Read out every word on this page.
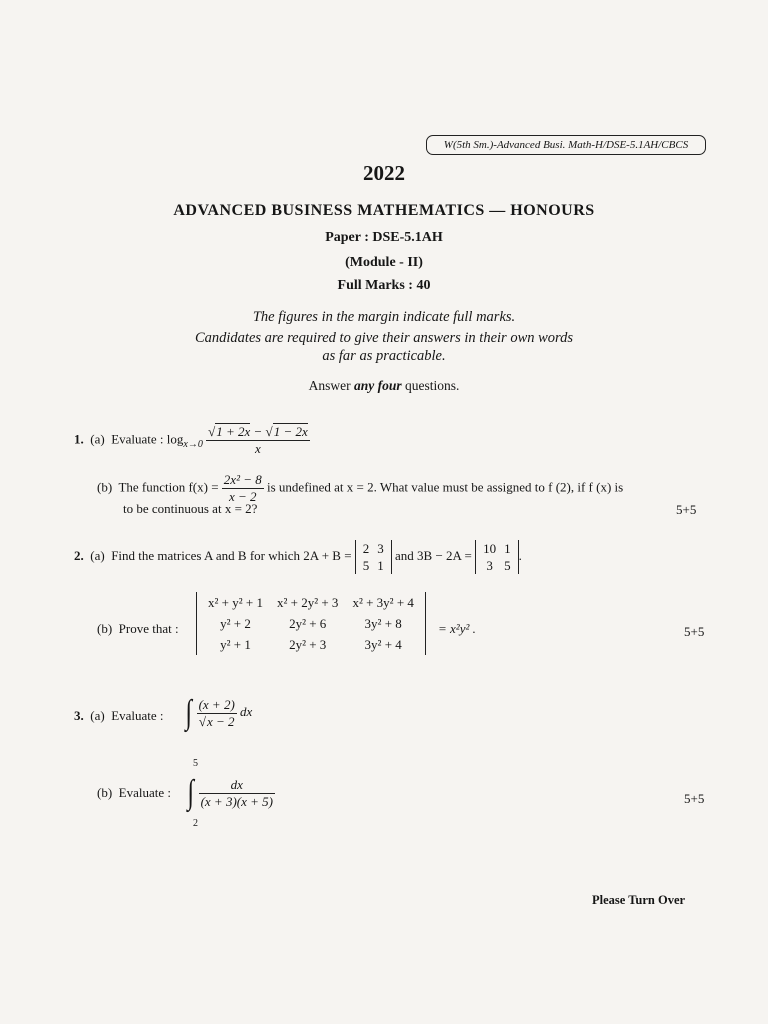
W(5th Sm.)-Advanced Busi. Math-H/DSE-5.1AH/CBCS
2022
ADVANCED BUSINESS MATHEMATICS — HONOURS
Paper : DSE-5.1AH
(Module - II)
Full Marks : 40
The figures in the margin indicate full marks.
Candidates are required to give their answers in their own words
as far as practicable.
Answer any four questions.
1. (a) Evaluate : $\log_{x\to 0} \frac{√1 + 2x - √1 - 2x}{x}$
(b) The function $f(x) = \frac{\text{2x² − 8}}{x - 2}$ is undefined at x = 2. What value must be assigned to f (2), if f (x) is
to be continuous at x = 2?	5+5
2. (a) Find the matrices A and B for which 2A + B = 2	3
5	1
and 3B − 2A = 10	1
3	5
.
(b) Prove that :
x² + y² + 1	x² + 2y² + 3	x² + 3y² + 4
y² + 2	2y² + 6	3y² + 8
y² + 1	2y² + 3	3y² + 4
= x²y² .	5+5
3. (a) Evaluate : ∫ $\frac{(x + 2)}{√x - 2}$ dx
(b) Evaluate :
5
2
∫ $\frac{dx}{(x + 3)(x + 5)}$	5+5
Please Turn Over
